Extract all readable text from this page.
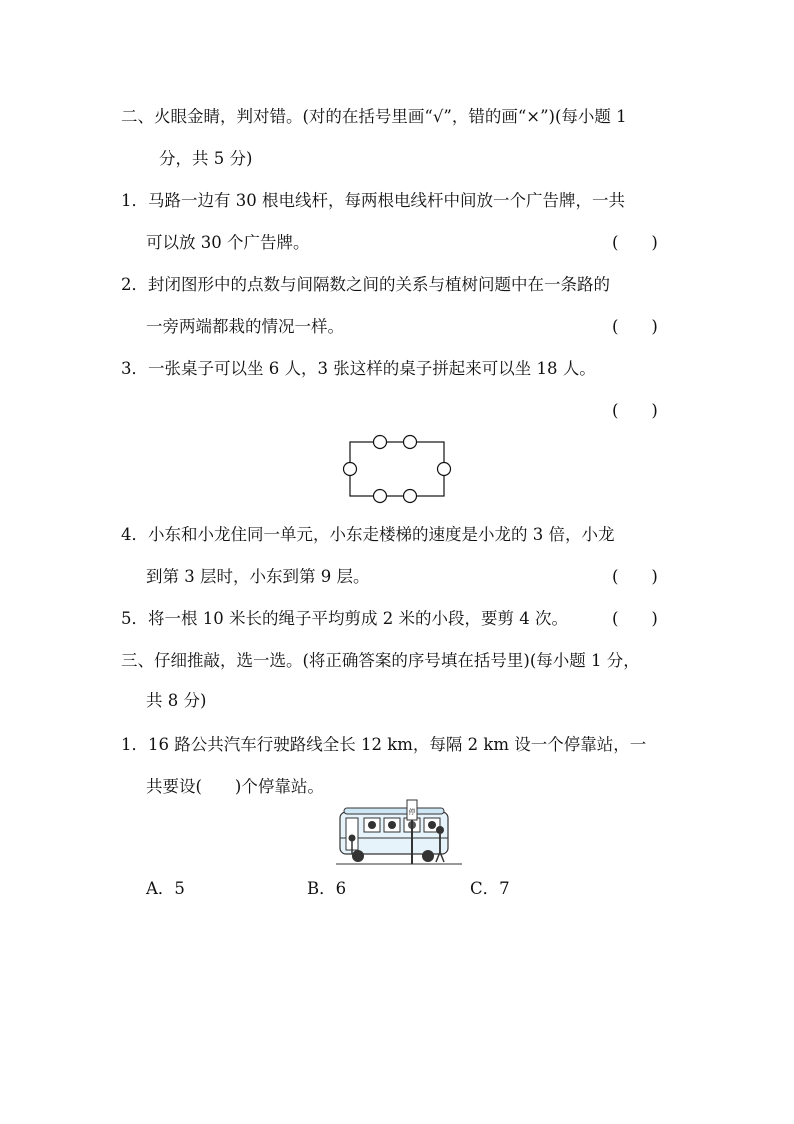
二、火眼金睛，判对错。(对的在括号里画“√”，错的画“×”)(每小题 1
分，共 5 分)
1．马路一边有 30 根电线杆，每两根电线杆中间放一个广告牌，一共
可以放 30 个广告牌。	(　　)
2．封闭图形中的点数与间隔数之间的关系与植树问题中在一条路的
一旁两端都栽的情况一样。	(　　)
3．一张桌子可以坐 6 人，3 张这样的桌子拼起来可以坐 18 人。
(　　)
4．小东和小龙住同一单元，小东走楼梯的速度是小龙的 3 倍，小龙
到第 3 层时，小东到第 9 层。	(　　)
5．将一根 10 米长的绳子平均剪成 2 米的小段，要剪 4 次。	(　　)
三、仔细推敲，选一选。(将正确答案的序号填在括号里)(每小题 1 分，
共 8 分)
1．16 路公共汽车行驶路线全长 12 km，每隔 2 km 设一个停靠站，一
共要设(　　)个停靠站。
停
A．5	B．6	C．7
